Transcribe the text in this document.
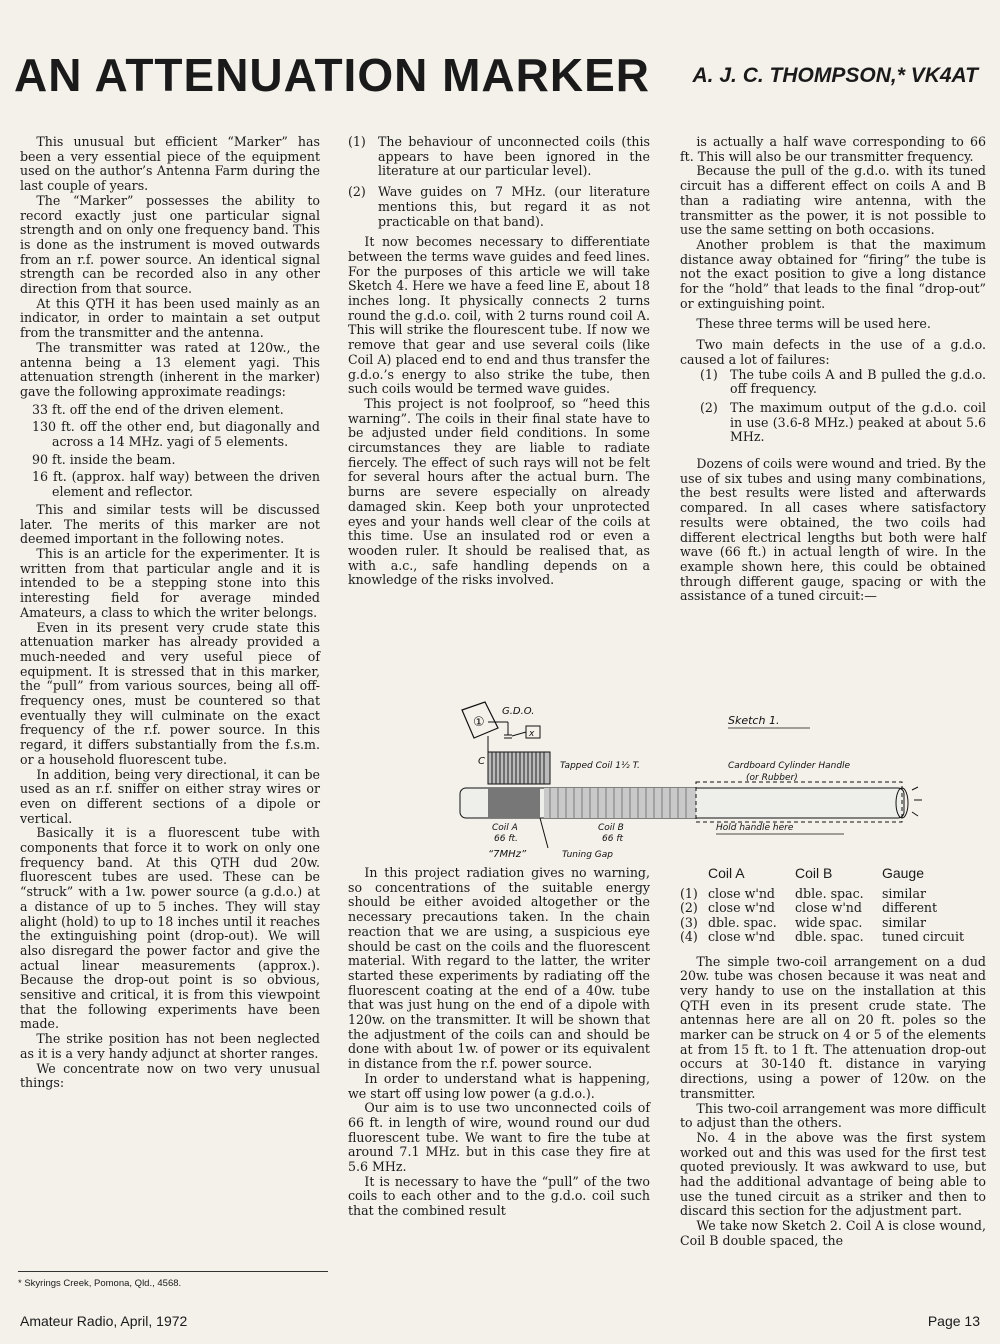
AN ATTENUATION MARKER A. J. C. THOMPSON,* VK4AT

This unusual but efficient “Marker” has been a very essential piece of the equipment used on the author’s Antenna Farm during the last couple of years.

The “Marker” possesses the ability to record exactly just one particular signal strength and on only one frequency band. This is done as the instrument is moved outwards from an r.f. power source. An identical signal strength can be recorded also in any other direction from that source.

At this QTH it has been used mainly as an indicator, in order to maintain a set output from the transmitter and the antenna.

The transmitter was rated at 120w., the antenna being a 13 element yagi. This attenuation strength (inherent in the marker) gave the following approximate readings:

33 ft. off the end of the driven element.

130 ft. off the other end, but diagonally and across a 14 MHz. yagi of 5 elements.

90 ft. inside the beam.

16 ft. (approx. half way) between the driven element and reflector.

This and similar tests will be discussed later. The merits of this marker are not deemed important in the following notes.

This is an article for the experimenter. It is written from that particular angle and it is intended to be a stepping stone into this interesting field for average minded Amateurs, a class to which the writer belongs.

Even in its present very crude state this attenuation marker has already provided a much-needed and very useful piece of equipment. It is stressed that in this marker, the “pull” from various sources, being all off-frequency ones, must be countered so that eventually they will culminate on the exact frequency of the r.f. power source. In this regard, it differs substantially from the f.s.m. or a household fluorescent tube.

In addition, being very directional, it can be used as an r.f. sniffer on either stray wires or even on different sections of a dipole or vertical.

Basically it is a fluorescent tube with components that force it to work on only one frequency band. At this QTH dud 20w. fluorescent tubes are used. These can be “struck” with a 1w. power source (a g.d.o.) at a distance of up to 5 inches. They will stay alight (hold) to up to 18 inches until it reaches the extinguishing point (drop-out). We will also disregard the power factor and give the actual linear measurements (approx.). Because the drop-out point is so obvious, sensitive and critical, it is from this viewpoint that the following experiments have been made.

The strike position has not been neglected as it is a very handy adjunct at shorter ranges.

We concentrate now on two very unusual things:

(1) The behaviour of unconnected coils (this appears to have been ignored in the literature at our particular level).
(2) Wave guides on 7 MHz. (our literature mentions this, but regard it as not practicable on that band).

It now becomes necessary to differentiate between the terms wave guides and feed lines. For the purposes of this article we will take Sketch 4. Here we have a feed line E, about 18 inches long. It physically connects 2 turns round the g.d.o. coil, with 2 turns round coil A. This will strike the flourescent tube. If now we remove that gear and use several coils (like Coil A) placed end to end and thus transfer the g.d.o.’s energy to also strike the tube, then such coils would be termed wave guides.

This project is not foolproof, so “heed this warning”. The coils in their final state have to be adjusted under field conditions. In some circumstances they are liable to radiate fiercely. The effect of such rays will not be felt for several hours after the actual burn. The burns are severe especially on already damaged skin. Keep both your unprotected eyes and your hands well clear of the coils at this time. Use an insulated rod or even a wooden ruler. It should be realised that, as with a.c., safe handling depends on a knowledge of the risks involved.

is actually a half wave corresponding to 66 ft. This will also be our transmitter frequency.

Because the pull of the g.d.o. with its tuned circuit has a different effect on coils A and B than a radiating wire antenna, with the transmitter as the power, it is not possible to use the same setting on both occasions.

Another problem is that the maximum distance away obtained for “firing” the tube is not the exact position to give a long distance for the “hold” that leads to the final “drop-out” or extinguishing point.

These three terms will be used here.

Two main defects in the use of a g.d.o. caused a lot of failures:

(1) The tube coils A and B pulled the g.d.o. off frequency.
(2) The maximum output of the g.d.o. coil in use (3.6-8 MHz.) peaked at about 5.6 MHz.

Dozens of coils were wound and tried. By the use of six tubes and using many combinations, the best results were listed and afterwards compared. In all cases where satisfactory results were obtained, the two coils had different electrical lengths but both were half wave (66 ft.) in actual length of wire. In the example shown here, this could be obtained through different gauge, spacing or with the assistance of a tuned circuit:—

Sketch 1.
①
G.D.O.
x
C	Tapped Coil 1½ T.	Cardboard Cylinder Handle
(or Rubber)
Coil A
66 ft.
Coil B
66 ft
“7MHz”	Tuning Gap
Hold handle here

In this project radiation gives no warning, so concentrations of the suitable energy should be either avoided altogether or the necessary precautions taken. In the chain reaction that we are using, a suspicious eye should be cast on the coils and the fluorescent material. With regard to the latter, the writer started these experiments by radiating off the fluorescent coating at the end of a 40w. tube that was just hung on the end of a dipole with 120w. on the transmitter. It will be shown that the adjustment of the coils can and should be done with about 1w. of power or its equivalent in distance from the r.f. power source.

In order to understand what is happening, we start off using low power (a g.d.o.).

Our aim is to use two unconnected coils of 66 ft. in length of wire, wound round our dud fluorescent tube. We want to fire the tube at around 7.1 MHz. but in this case they fire at 5.6 MHz.

It is necessary to have the “pull” of the two coils to each other and to the g.d.o. coil such that the combined result

	Coil A	Coil B	Gauge
(1)	close w'nd	dble. spac.	similar
(2)	close w'nd	close w'nd	different
(3)	dble. spac.	wide spac.	similar
(4)	close w'nd	dble. spac.	tuned circuit

The simple two-coil arrangement on a dud 20w. tube was chosen because it was neat and very handy to use on the installation at this QTH even in its present crude state. The antennas here are all on 20 ft. poles so the marker can be struck on 4 or 5 of the elements at from 15 ft. to 1 ft. The attenuation drop-out occurs at 30-140 ft. distance in varying directions, using a power of 120w. on the transmitter.

This two-coil arrangement was more difficult to adjust than the others.

No. 4 in the above was the first system worked out and this was used for the first test quoted previously. It was awkward to use, but had the additional advantage of being able to use the tuned circuit as a striker and then to discard this section for the adjustment part.

We take now Sketch 2. Coil A is close wound, Coil B double spaced, the

* Skyrings Creek, Pomona, Qld., 4568.
Amateur Radio, April, 1972	Page 13
